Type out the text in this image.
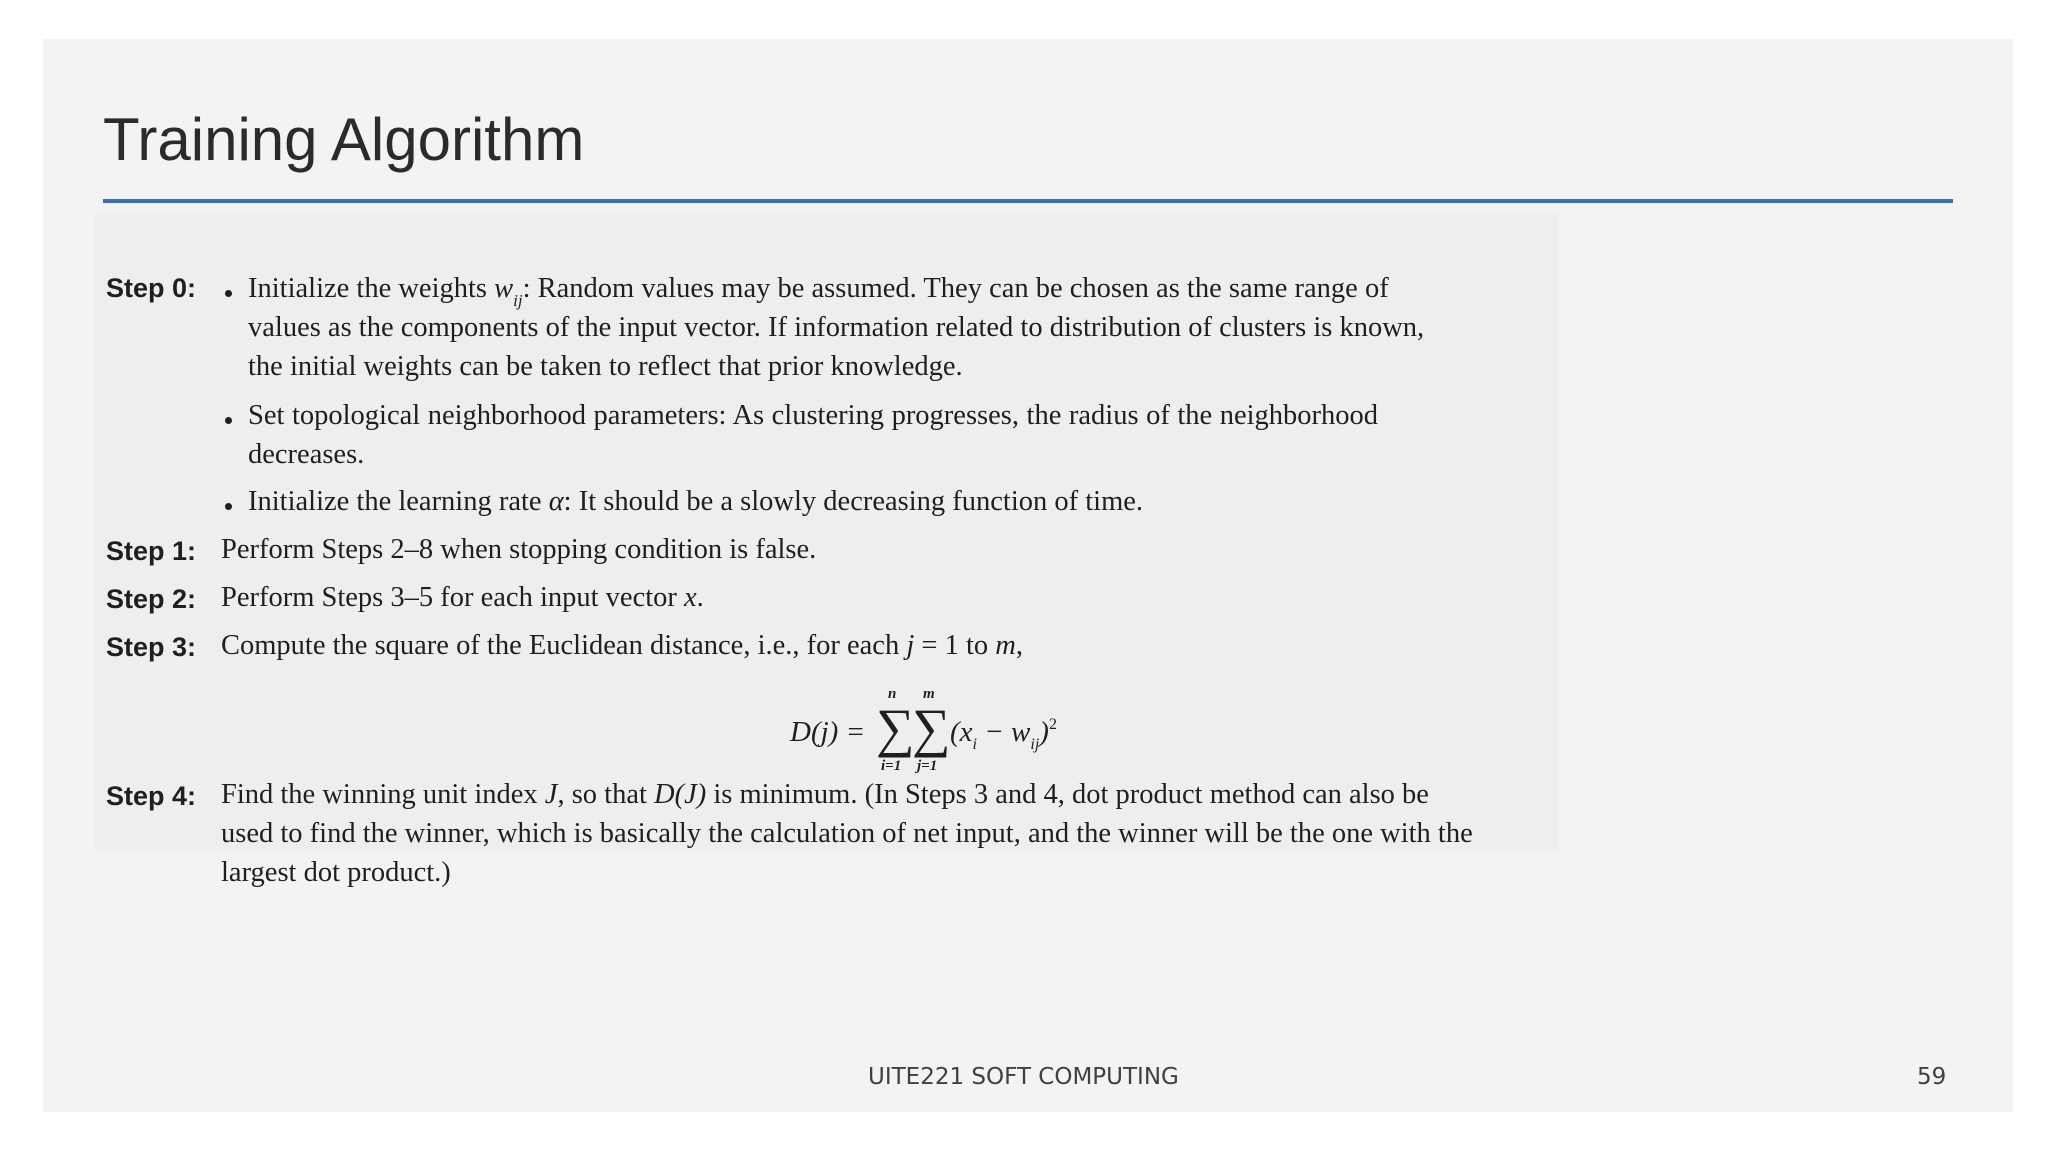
Training Algorithm
Step 0: Initialize the weights $w_{ij}$: Random values may be assumed. They can be chosen as the same range of
values as the components of the input vector. If information related to distribution of clusters is known,
the initial weights can be taken to reflect that prior knowledge.
Set topological neighborhood parameters: As clustering progresses, the radius of the neighborhood
decreases.
Initialize the learning rate α: It should be a slowly decreasing function of time.
Step 1: Perform Steps 2–8 when stopping condition is false.
Step 2: Perform Steps 3–5 for each input vector x.
Step 3: Compute the square of the Euclidean distance, i.e., for each j = 1 to m,
D(j) = ∑
n
i=1
∑
m
j=1
$(x_i - w_{ij})^2$
Step 4: Find the winning unit index J, so that D(J) is minimum. (In Steps 3 and 4, dot product method can also be
used to find the winner, which is basically the calculation of net input, and the winner will be the one with the
largest dot product.)
UITE221 SOFT COMPUTING	59
